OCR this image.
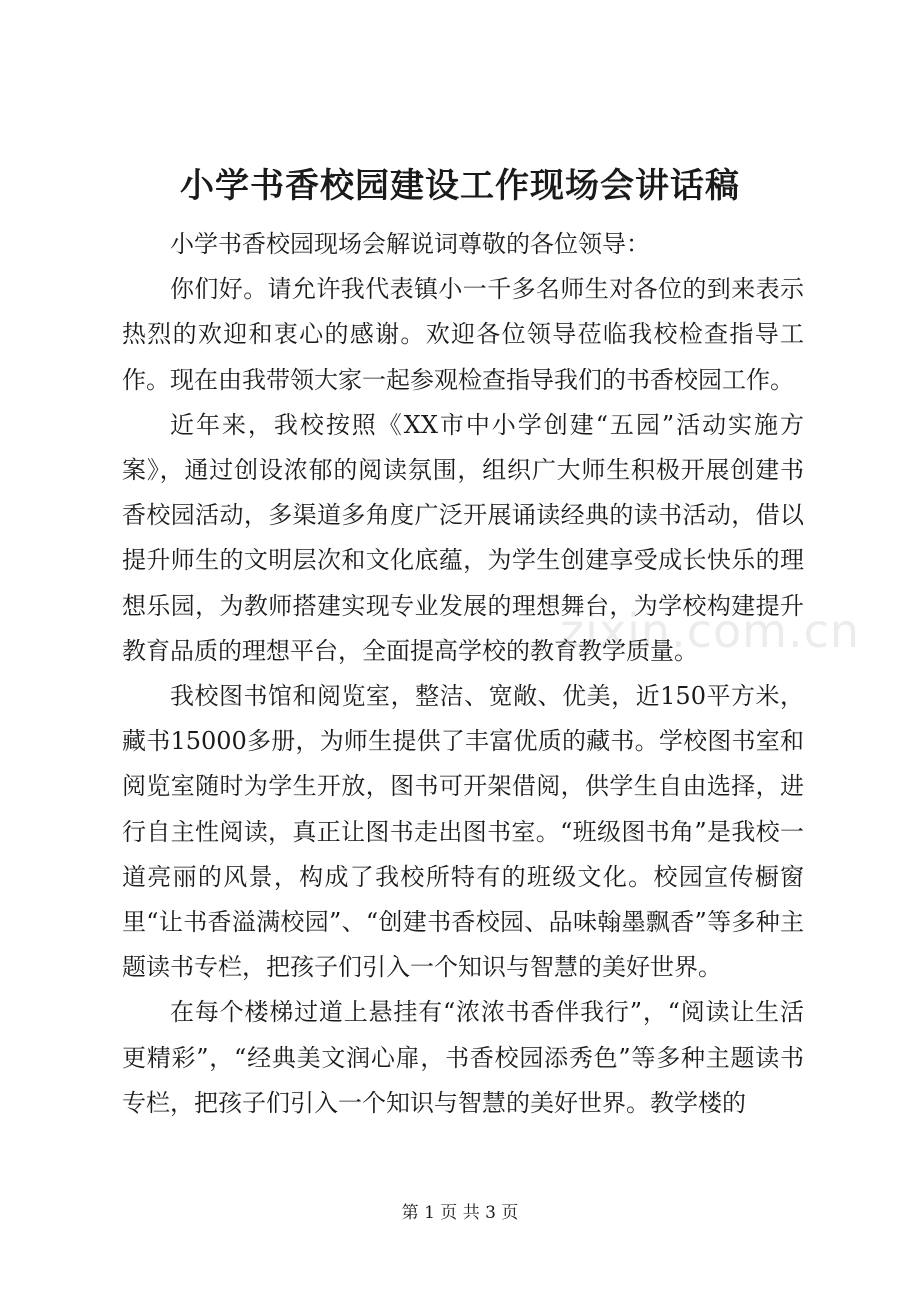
zixin.com.cn
小学书香校园建设工作现场会讲话稿

小学书香校园现场会解说词尊敬的各位领导：

你们好。请允许我代表镇小一千多名师生对各位的到来表示热烈的欢迎和衷心的感谢。欢迎各位领导莅临我校检查指导工作。现在由我带领大家一起参观检查指导我们的书香校园工作。

近年来，我校按照《XX市中小学创建“五园”活动实施方案》，通过创设浓郁的阅读氛围，组织广大师生积极开展创建书香校园活动，多渠道多角度广泛开展诵读经典的读书活动，借以提升师生的文明层次和文化底蕴，为学生创建享受成长快乐的理想乐园，为教师搭建实现专业发展的理想舞台，为学校构建提升教育品质的理想平台，全面提高学校的教育教学质量。

我校图书馆和阅览室，整洁、宽敞、优美，近150平方米，藏书15000多册，为师生提供了丰富优质的藏书。学校图书室和阅览室随时为学生开放，图书可开架借阅，供学生自由选择，进行自主性阅读，真正让图书走出图书室。“班级图书角”是我校一道亮丽的风景，构成了我校所特有的班级文化。校园宣传橱窗里“让书香溢满校园”、“创建书香校园、品味翰墨飘香”等多种主题读书专栏，把孩子们引入一个知识与智慧的美好世界。

在每个楼梯过道上悬挂有“浓浓书香伴我行”，“阅读让生活更精彩”，“经典美文润心扉，书香校园添秀色”等多种主题读书专栏，把孩子们引入一个知识与智慧的美好世界。教学楼的

第 1 页 共 3 页
